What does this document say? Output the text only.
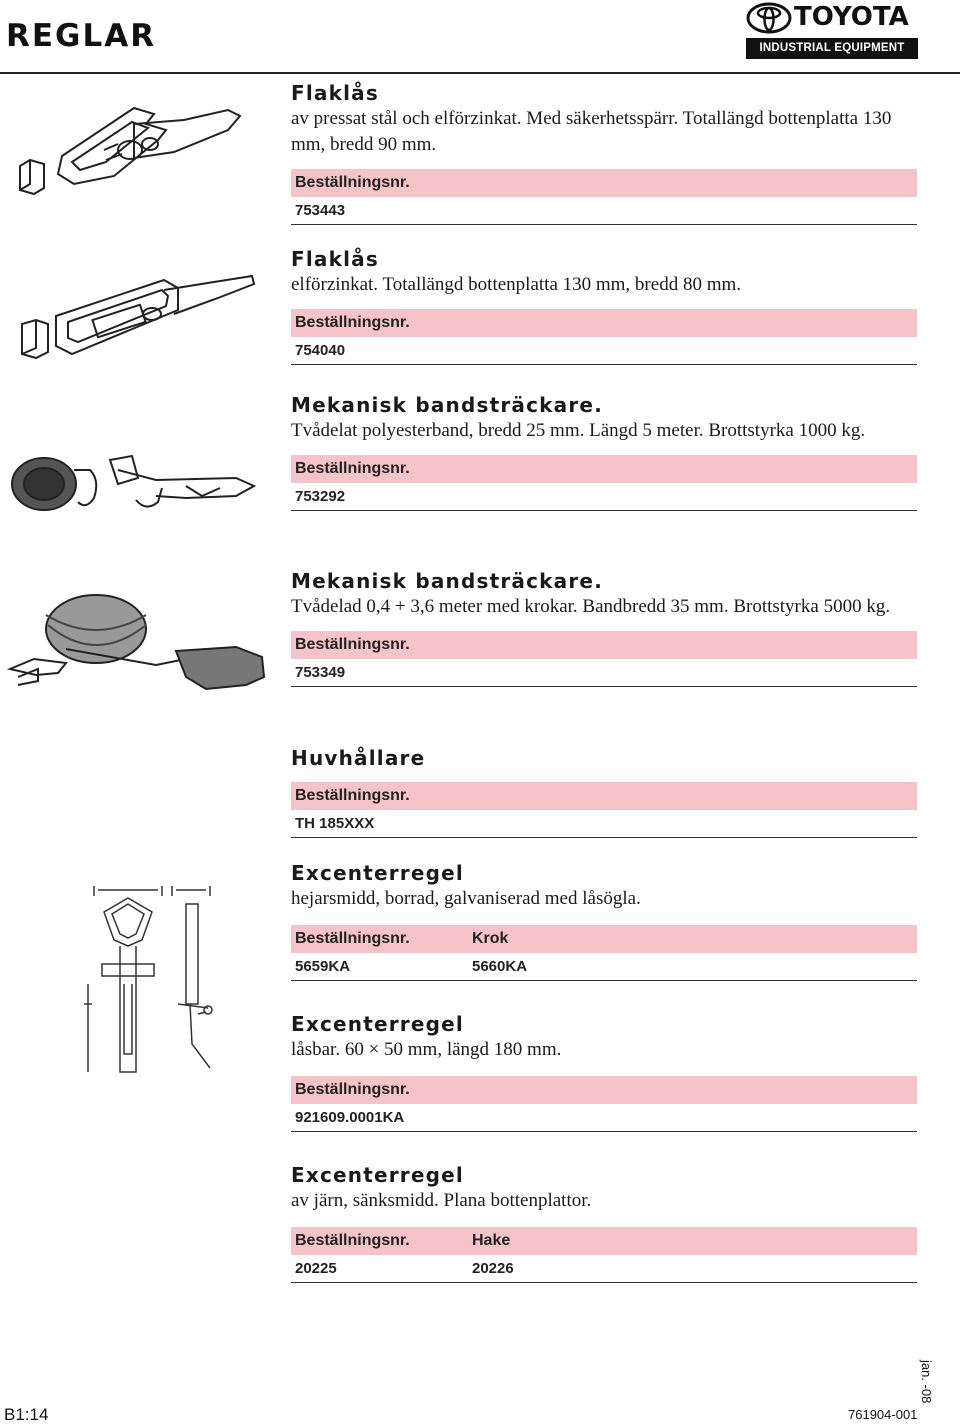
REGLAR
TOYOTA
INDUSTRIAL EQUIPMENT
Flaklås

av pressat stål och elförzinkat. Med säkerhetsspärr. Totallängd bottenplatta 130 mm, bredd 90 mm.

Beställningsnr.
753443
Flaklås

elförzinkat. Totallängd bottenplatta 130 mm, bredd 80 mm.

Beställningsnr.
754040
Mekanisk bandsträckare.

Tvådelat polyesterband, bredd 25 mm. Längd 5 meter. Brottstyrka 1000 kg.

Beställningsnr.
753292
Mekanisk bandsträckare.

Tvådelad 0,4 + 3,6 meter med krokar. Bandbredd 35 mm. Brottstyrka 5000 kg.

Beställningsnr.
753349
Huvhållare
Beställningsnr.
TH 185XXX
Excenterregel

hejarsmidd, borrad, galvaniserad med låsögla.

Beställningsnr.	Krok
5659KA	5660KA
Excenterregel

låsbar. 60 × 50 mm, längd 180 mm.

Beställningsnr.
921609.0001KA
Excenterregel

av järn, sänksmidd. Plana bottenplattor.

Beställningsnr.	Hake
20225	20226
B1:14	761904-001
jan. -08
